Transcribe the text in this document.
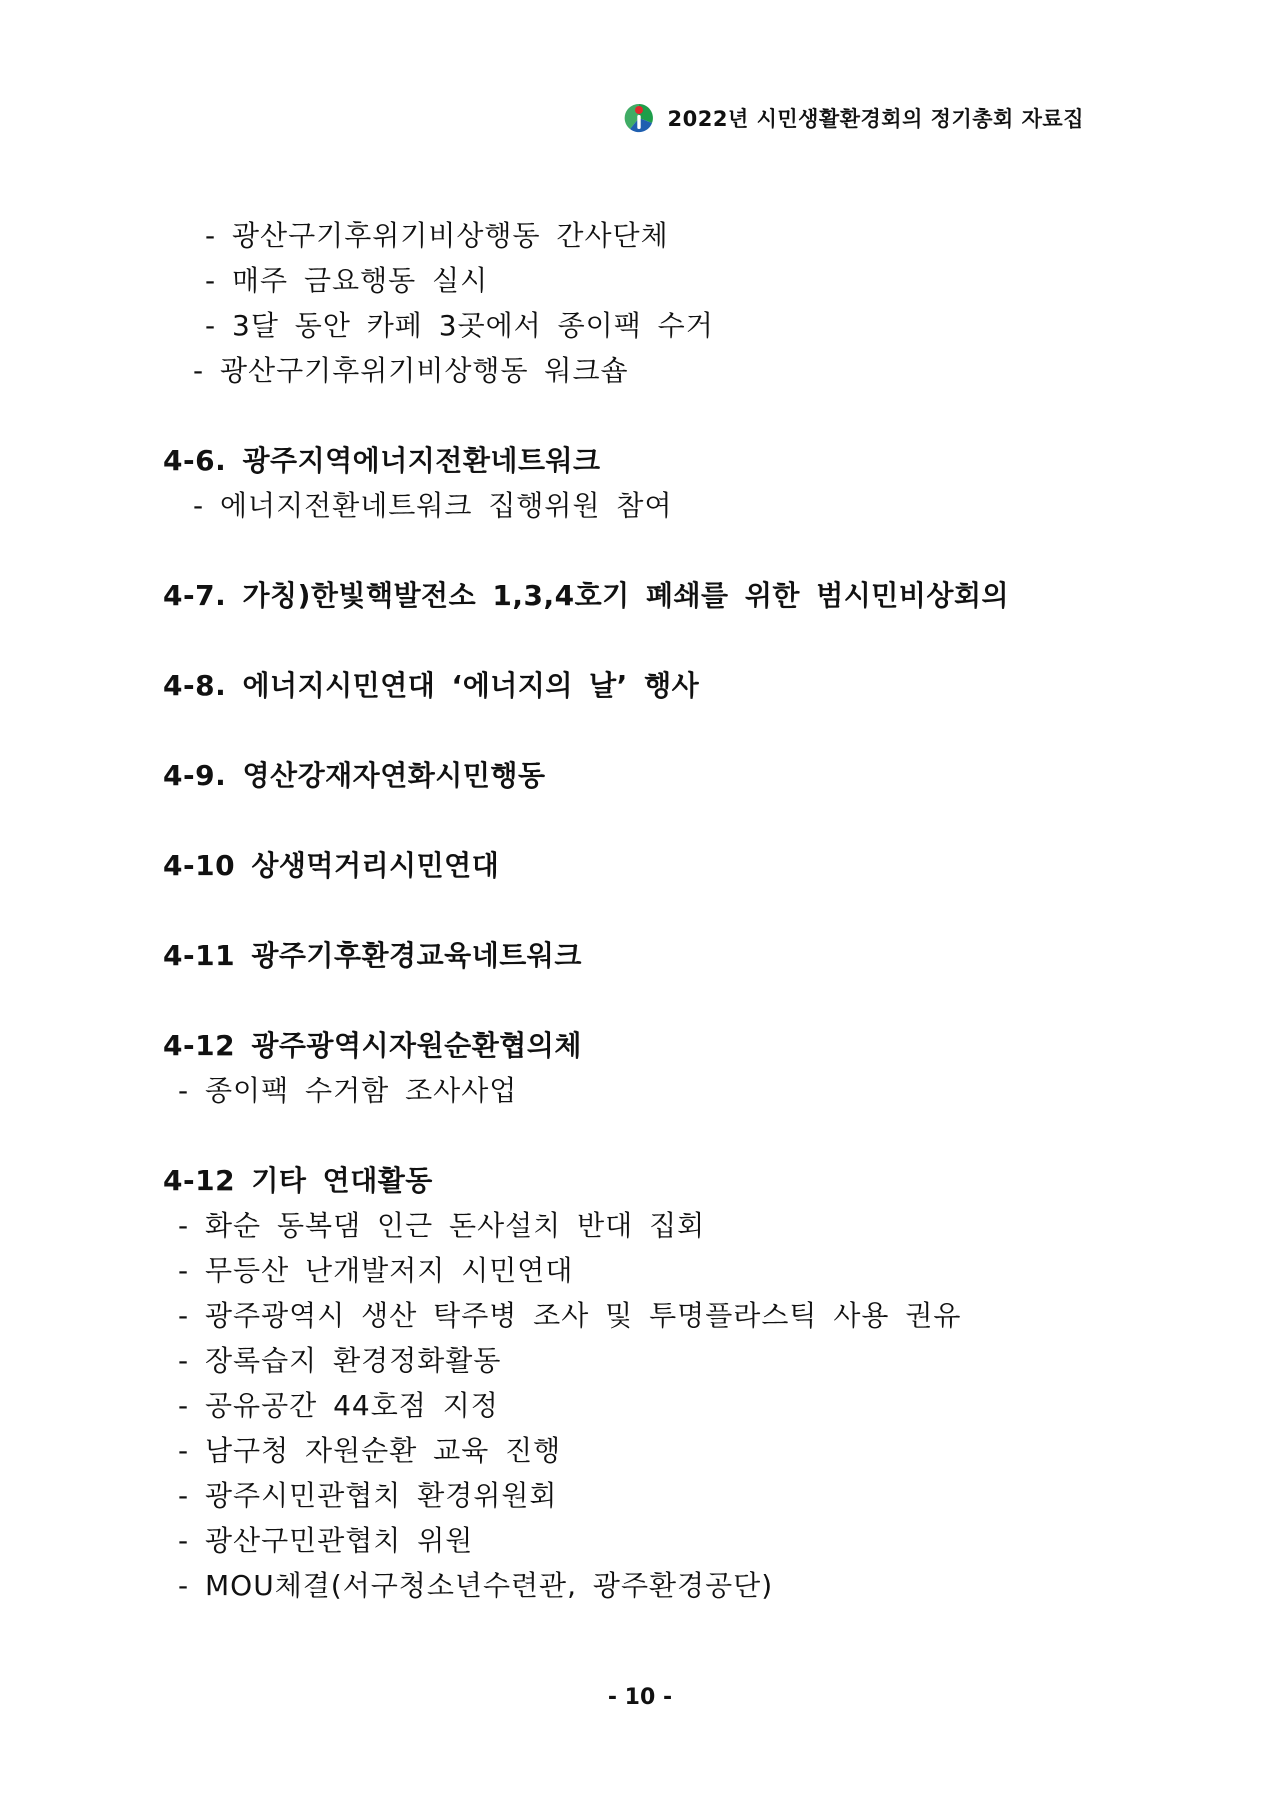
2022년 시민생활환경회의 정기총회 자료집
- 광산구기후위기비상행동 간사단체
- 매주 금요행동 실시
- 3달 동안 카페 3곳에서 종이팩 수거
- 광산구기후위기비상행동 워크숍
4-6. 광주지역에너지전환네트워크
- 에너지전환네트워크 집행위원 참여
4-7. 가칭)한빛핵발전소 1,3,4호기 폐쇄를 위한 범시민비상회의
4-8. 에너지시민연대 ‘에너지의 날’ 행사
4-9. 영산강재자연화시민행동
4-10 상생먹거리시민연대
4-11 광주기후환경교육네트워크
4-12 광주광역시자원순환협의체
- 종이팩 수거함 조사사업
4-12 기타 연대활동
- 화순 동복댐 인근 돈사설치 반대 집회
- 무등산 난개발저지 시민연대
- 광주광역시 생산 탁주병 조사 및 투명플라스틱 사용 권유
- 장록습지 환경정화활동
- 공유공간 44호점 지정
- 남구청 자원순환 교육 진행
- 광주시민관협치 환경위원회
- 광산구민관협치 위원
- MOU체결(서구청소년수련관, 광주환경공단)
- 10 -
